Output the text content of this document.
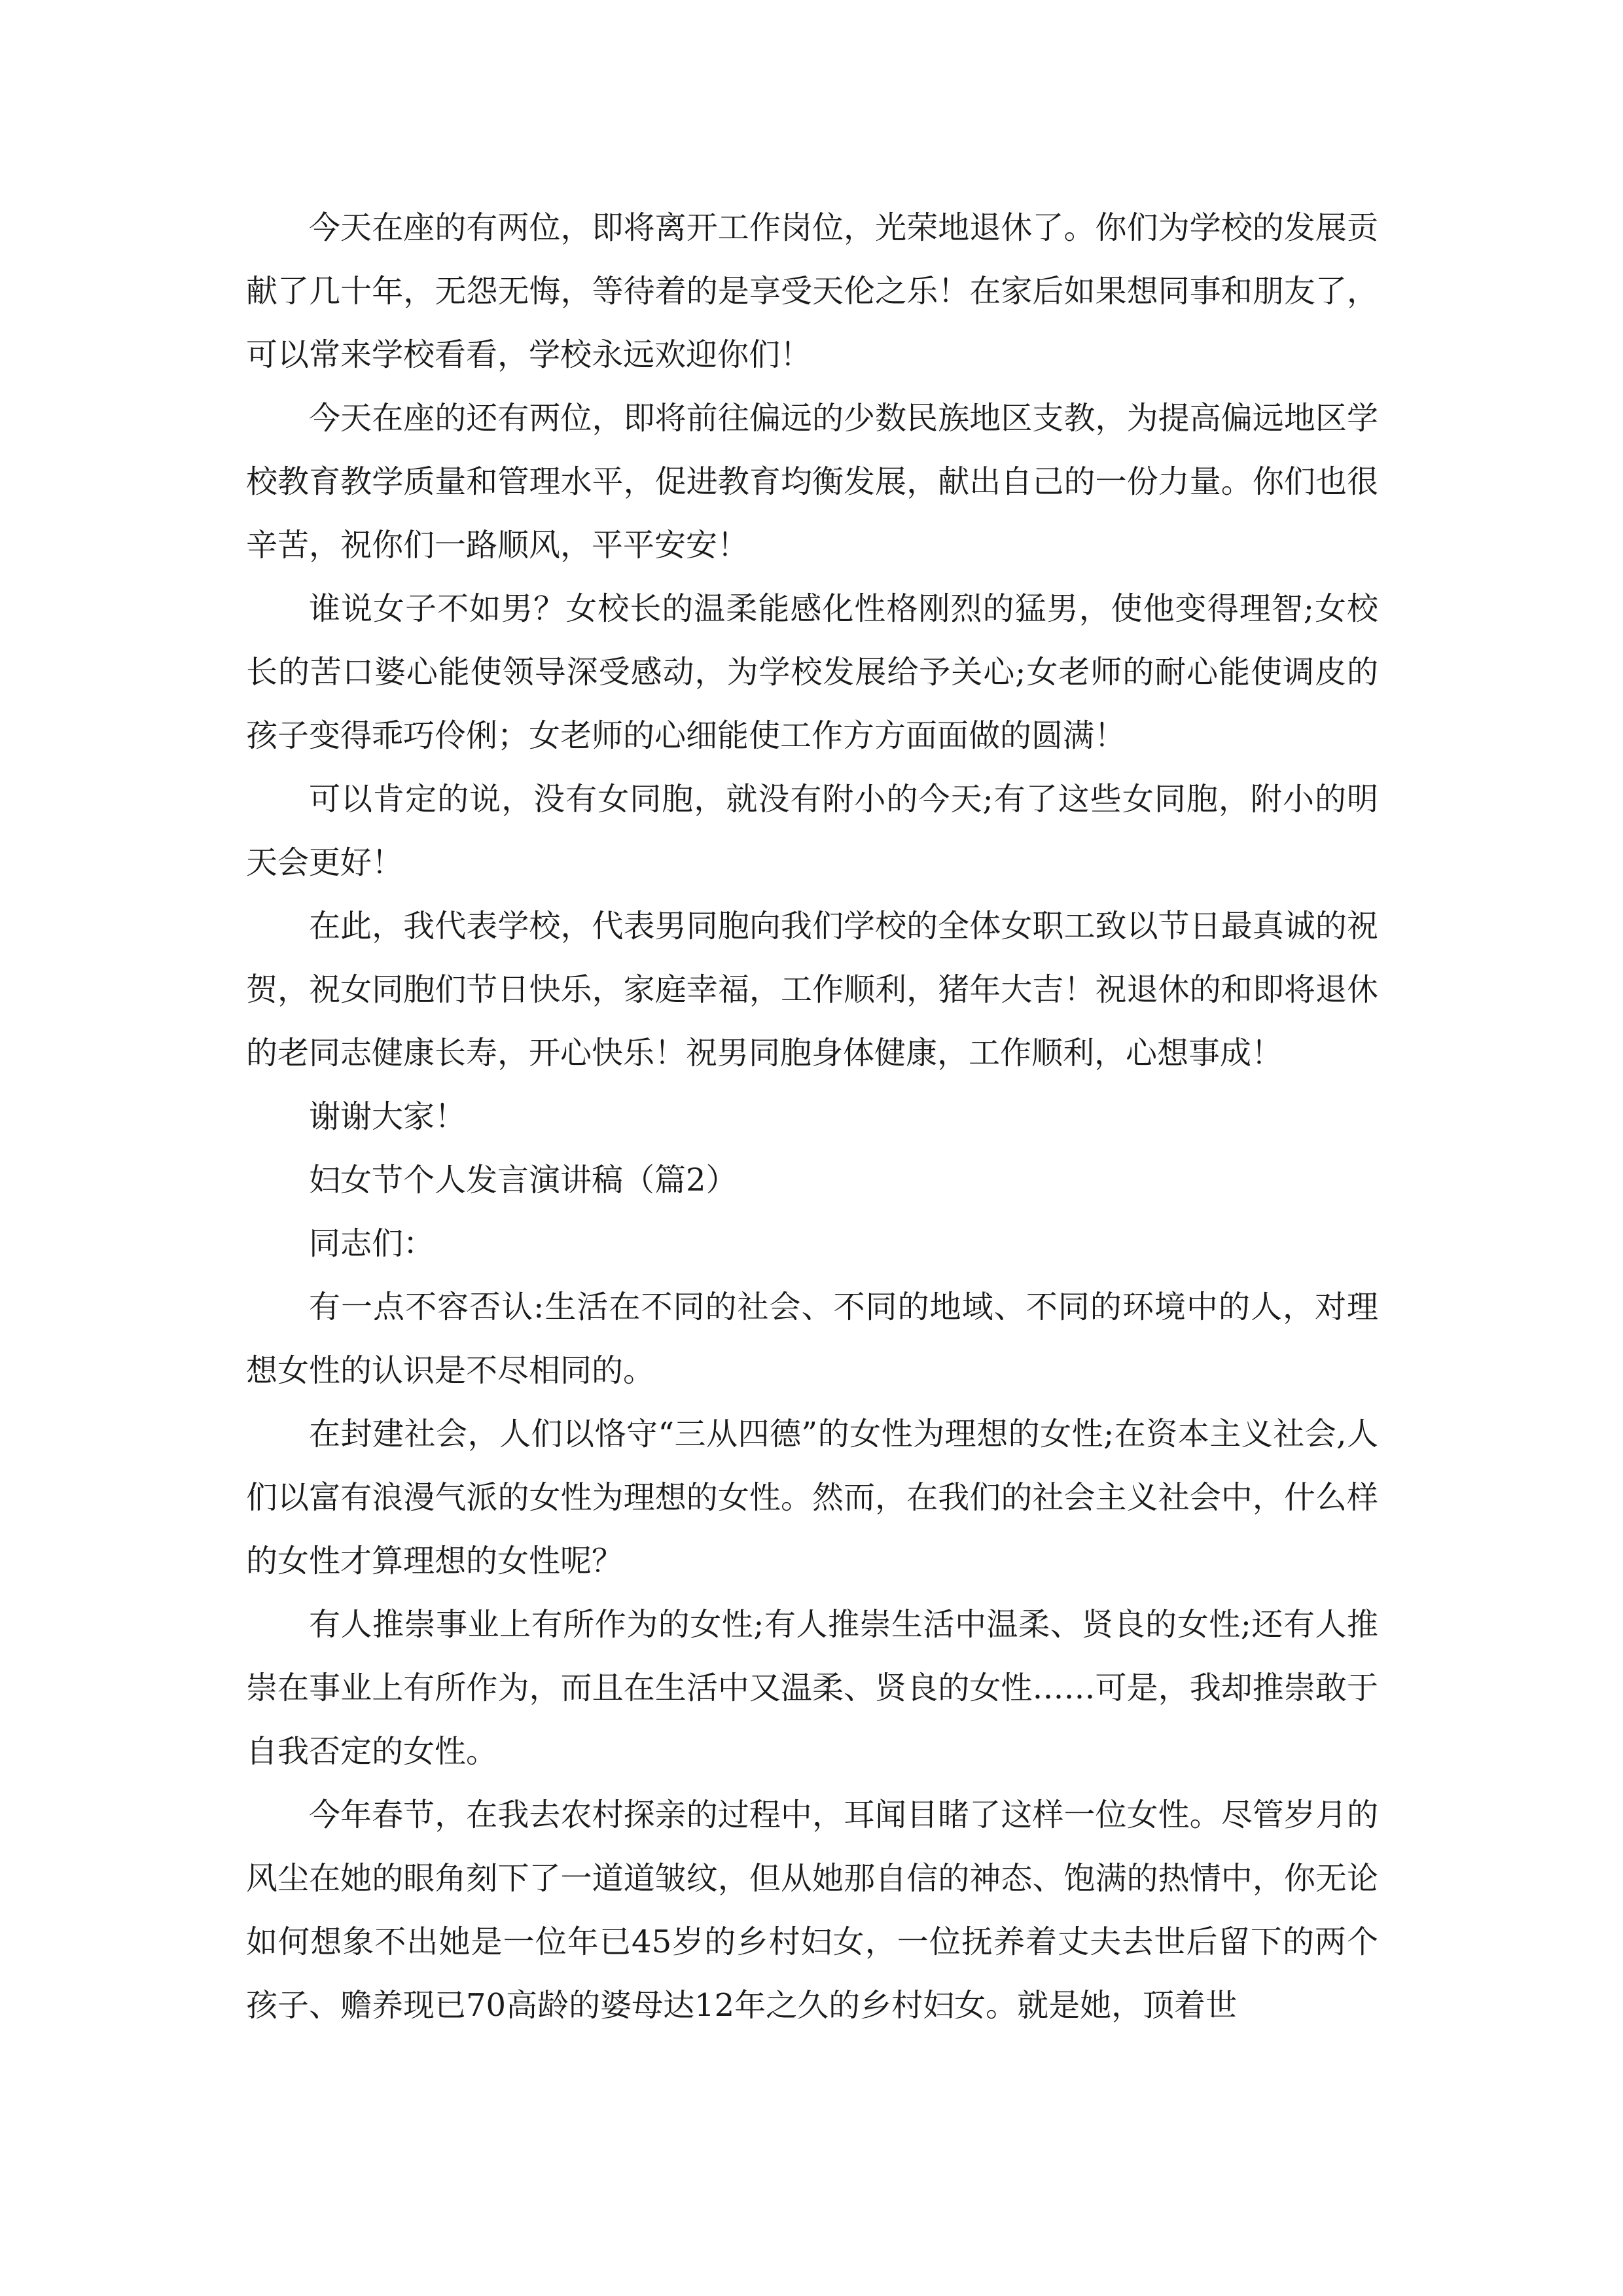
今天在座的有两位，即将离开工作岗位，光荣地退休了。你们为学校的发展贡献了几十年，无怨无悔，等待着的是享受天伦之乐！在家后如果想同事和朋友了，可以常来学校看看，学校永远欢迎你们！

今天在座的还有两位，即将前往偏远的少数民族地区支教，为提高偏远地区学校教育教学质量和管理水平，促进教育均衡发展，献出自己的一份力量。你们也很辛苦，祝你们一路顺风，平平安安！

谁说女子不如男？女校长的温柔能感化性格刚烈的猛男，使他变得理智;女校长的苦口婆心能使领导深受感动，为学校发展给予关心;女老师的耐心能使调皮的孩子变得乖巧伶俐；女老师的心细能使工作方方面面做的圆满！

可以肯定的说，没有女同胞，就没有附小的今天;有了这些女同胞，附小的明天会更好！

在此，我代表学校，代表男同胞向我们学校的全体女职工致以节日最真诚的祝贺，祝女同胞们节日快乐，家庭幸福，工作顺利，猪年大吉！祝退休的和即将退休的老同志健康长寿，开心快乐！祝男同胞身体健康，工作顺利，心想事成！

谢谢大家！

妇女节个人发言演讲稿（篇2）

同志们：

有一点不容否认:生活在不同的社会、不同的地域、不同的环境中的人，对理想女性的认识是不尽相同的。

在封建社会，人们以恪守“三从四德”的女性为理想的女性;在资本主义社会,人们以富有浪漫气派的女性为理想的女性。然而，在我们的社会主义社会中，什么样的女性才算理想的女性呢？

有人推崇事业上有所作为的女性;有人推崇生活中温柔、贤良的女性;还有人推崇在事业上有所作为，而且在生活中又温柔、贤良的女性……可是，我却推崇敢于自我否定的女性。

今年春节，在我去农村探亲的过程中，耳闻目睹了这样一位女性。尽管岁月的风尘在她的眼角刻下了一道道皱纹，但从她那自信的神态、饱满的热情中，你无论如何想象不出她是一位年已45岁的乡村妇女，一位抚养着丈夫去世后留下的两个孩子、赡养现已70高龄的婆母达12年之久的乡村妇女。就是她，顶着世
